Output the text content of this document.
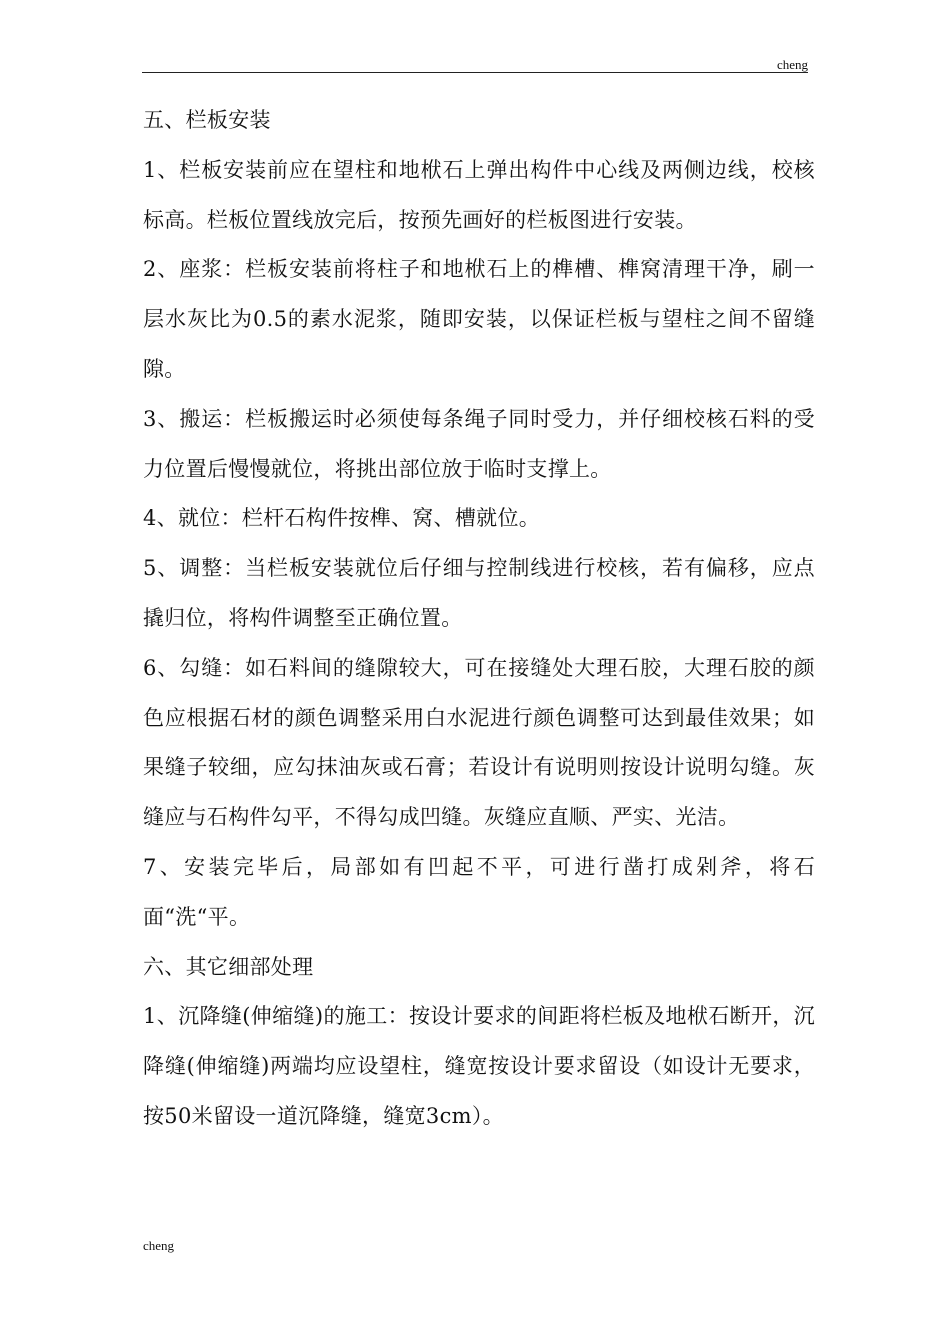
cheng

五、栏板安装

1、栏板安装前应在望柱和地栿石上弹出构件中心线及两侧边线，校核标高。栏板位置线放完后，按预先画好的栏板图进行安装。

2、座浆：栏板安装前将柱子和地栿石上的榫槽、榫窝清理干净，刷一层水灰比为0.5的素水泥浆，随即安装，以保证栏板与望柱之间不留缝隙。

3、搬运：栏板搬运时必须使每条绳子同时受力，并仔细校核石料的受力位置后慢慢就位，将挑出部位放于临时支撑上。

4、就位：栏杆石构件按榫、窝、槽就位。

5、调整：当栏板安装就位后仔细与控制线进行校核，若有偏移，应点撬归位，将构件调整至正确位置。

6、勾缝：如石料间的缝隙较大，可在接缝处大理石胶，大理石胶的颜色应根据石材的颜色调整采用白水泥进行颜色调整可达到最佳效果；如果缝子较细，应勾抹油灰或石膏；若设计有说明则按设计说明勾缝。灰缝应与石构件勾平，不得勾成凹缝。灰缝应直顺、严实、光洁。

7、安装完毕后，局部如有凹起不平，可进行凿打成剁斧，将石面“洗“平。

六、其它细部处理

1、沉降缝(伸缩缝)的施工：按设计要求的间距将栏板及地栿石断开，沉降缝(伸缩缝)两端均应设望柱，缝宽按设计要求留设（如设计无要求，按50米留设一道沉降缝，缝宽3cm）。

cheng
